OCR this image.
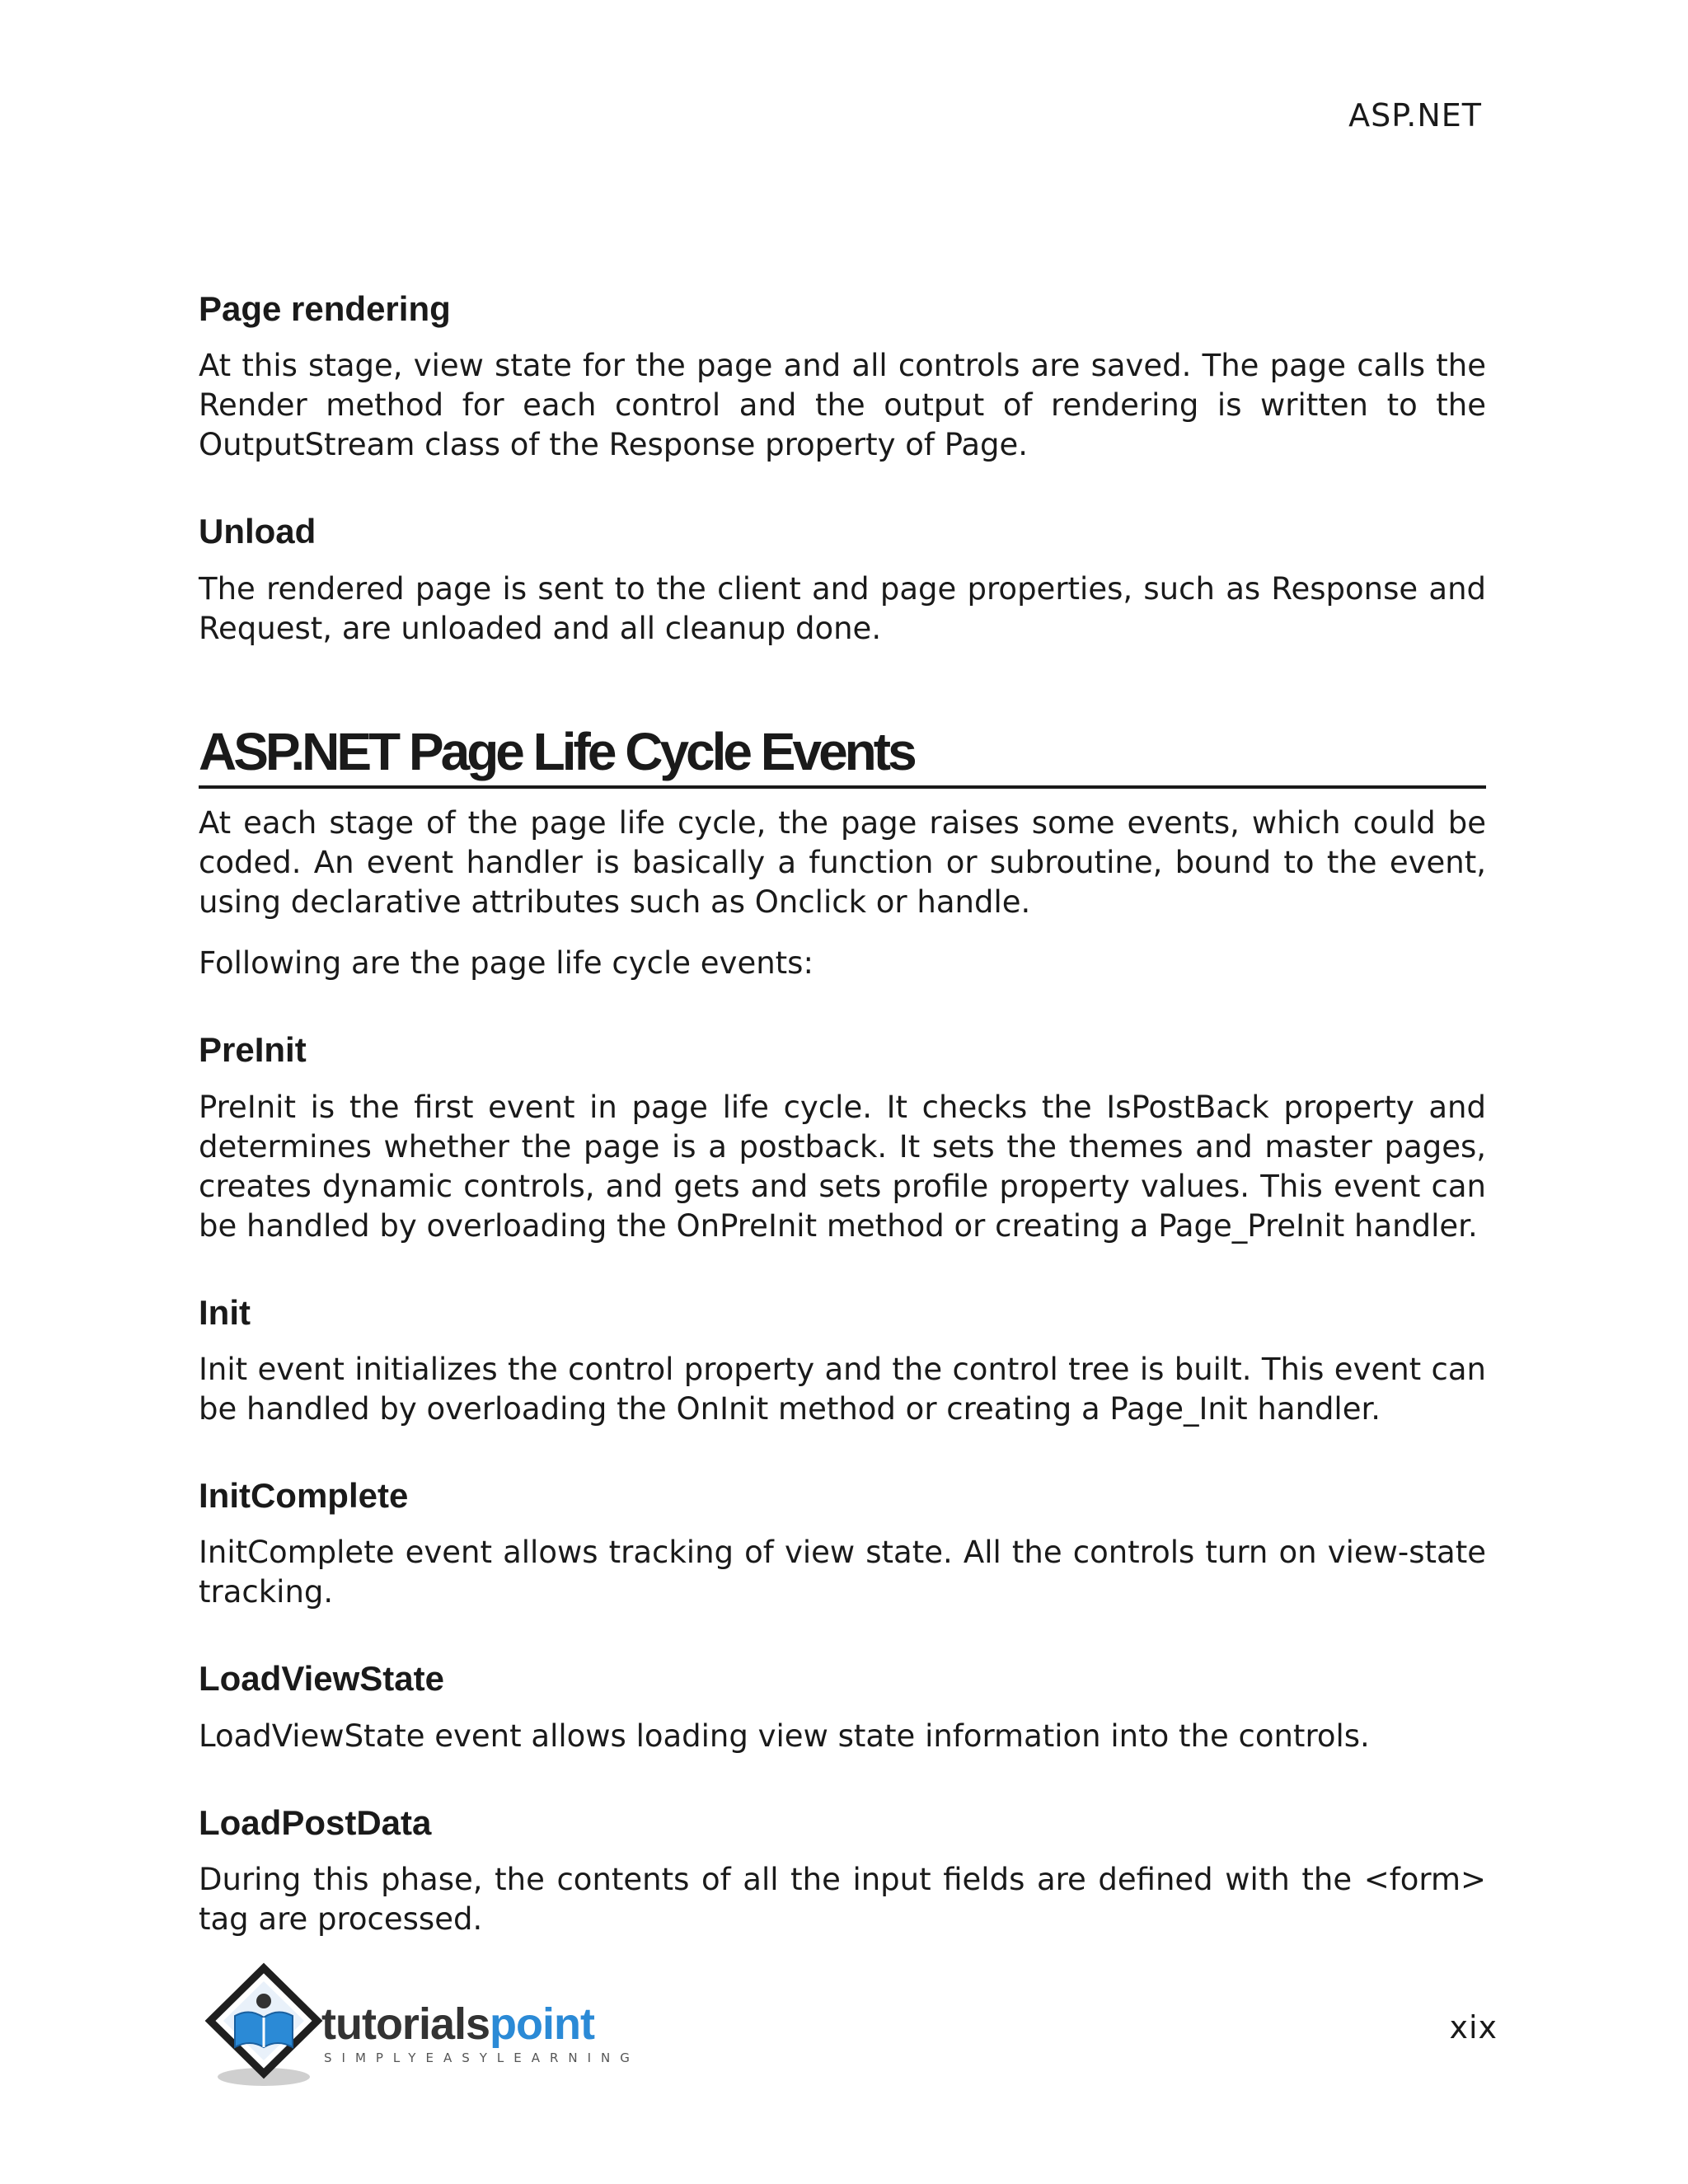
ASP.NET
Page rendering

At this stage, view state for the page and all controls are saved. The page calls the Render method for each control and the output of rendering is written to the OutputStream class of the Response property of Page.

Unload

The rendered page is sent to the client and page properties, such as Response and Request, are unloaded and all cleanup done.

ASP.NET Page Life Cycle Events

At each stage of the page life cycle, the page raises some events, which could be coded. An event handler is basically a function or subroutine, bound to the event, using declarative attributes such as Onclick or handle.

Following are the page life cycle events:

PreInit

PreInit is the first event in page life cycle. It checks the IsPostBack property and determines whether the page is a postback. It sets the themes and master pages, creates dynamic controls, and gets and sets profile property values. This event can be handled by overloading the OnPreInit method or creating a Page_PreInit handler.

Init

Init event initializes the control property and the control tree is built. This event can be handled by overloading the OnInit method or creating a Page_Init handler.

InitComplete

InitComplete event allows tracking of view state. All the controls turn on view-state tracking.

LoadViewState

LoadViewState event allows loading view state information into the controls.

LoadPostData

During this phase, the contents of all the input fields are defined with the <form> tag are processed.

tutorialspoint
SIMPLYEASYLEARNING
xix
